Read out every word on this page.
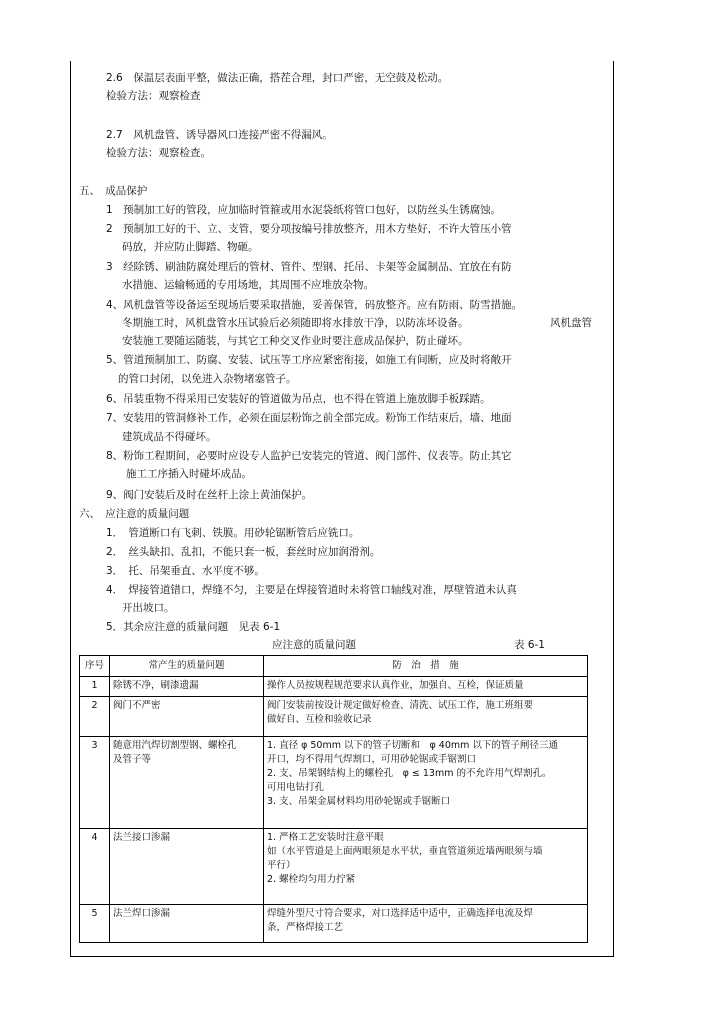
2.6　保温层表面平整，做法正确，搭茬合理，封口严密，无空鼓及松动。
检验方法：观察检查
2.7　风机盘管、诱导器风口连接严密不得漏风。
检验方法：观察检查。
五、　成品保护
1　预制加工好的管段，应加临时管箍或用水泥袋纸将管口包好，以防丝头生锈腐蚀。
2　预制加工好的干、立、支管，要分项按编号排放整齐，用木方垫好，不许大管压小管
码放，并应防止脚踏、物砸。
3　经除锈、刷油防腐处理后的管材、管件、型钢、托吊、卡架等金属制品、宜放在有防
水措施、运输畅通的专用场地，其周围不应堆放杂物。
4、风机盘管等设备运至现场后要采取措施，妥善保管，码放整齐。应有防雨、防雪措施。
冬期施工时，风机盘管水压试验后必须随即将水排放干净，以防冻坏设备。	风机盘管
安装施工要随运随装，与其它工种交叉作业时要注意成品保护，防止碰坏。
5、管道预制加工、防腐、安装、试压等工序应紧密衔接，如施工有间断，应及时将敞开
的管口封闭，以免进入杂物堵塞管子。
6、吊装重物不得采用已安装好的管道做为吊点，也不得在管道上施放脚手板踩踏。
7、安装用的管洞修补工作，必须在面层粉饰之前全部完成。粉饰工作结束后，墙、地面
建筑成品不得碰坏。
8、粉饰工程期间，必要时应设专人监护已安装完的管道、阀门部件、仪表等。防止其它
施工工序插入时碰坏成品。
9、阀门安装后及时在丝杆上涂上黄油保护。
六、　应注意的质量问题
1．　管道断口有飞刺、铁膜。用砂轮锯断管后应铣口。
2．　丝头缺扣、乱扣，不能只套一板，套丝时应加润滑剂。
3．　托、吊架垂直、水平度不够。
4．　焊接管道错口，焊缝不匀，主要是在焊接管道时未将管口轴线对准，厚壁管道未认真
开出坡口。
5．其余应注意的质量问题　见表 6-1
应注意的质量问题	表 6-1
序号	常产生的质量问题	防　治　措　施
1	除锈不净，刷漆遗漏	操作人员按规程规范要求认真作业，加强自、互检，保证质量

2	阀门不严密	阀门安装前按设计规定做好检查、清洗、试压工作，施工班组要
做好自、互检和验收记录

3	随意用汽焊切割型钢、螺栓孔
及管子等	1. 直径 φ 50mm 以下的管子切断和　φ 40mm 以下的管子闸径三通
开口，均不得用气焊割口，可用砂轮锯或手锯割口
2. 支、吊架钢结构上的螺栓孔　φ ≤ 13mm 的不允许用气焊割孔。
可用电钻打孔
3. 支、吊架金属材料均用砂轮锯或手锯断口

4	法兰接口渗漏	1. 严格工艺安装时注意平眼
如（水平管道是上面两眼须是水平状，垂直管道须近墙两眼须与墙
平行）
2. 螺栓均匀用力拧紧

5	法兰焊口渗漏	焊缝外型尺寸符合要求，对口选择适中适中，正确选择电流及焊
条，严格焊接工艺
